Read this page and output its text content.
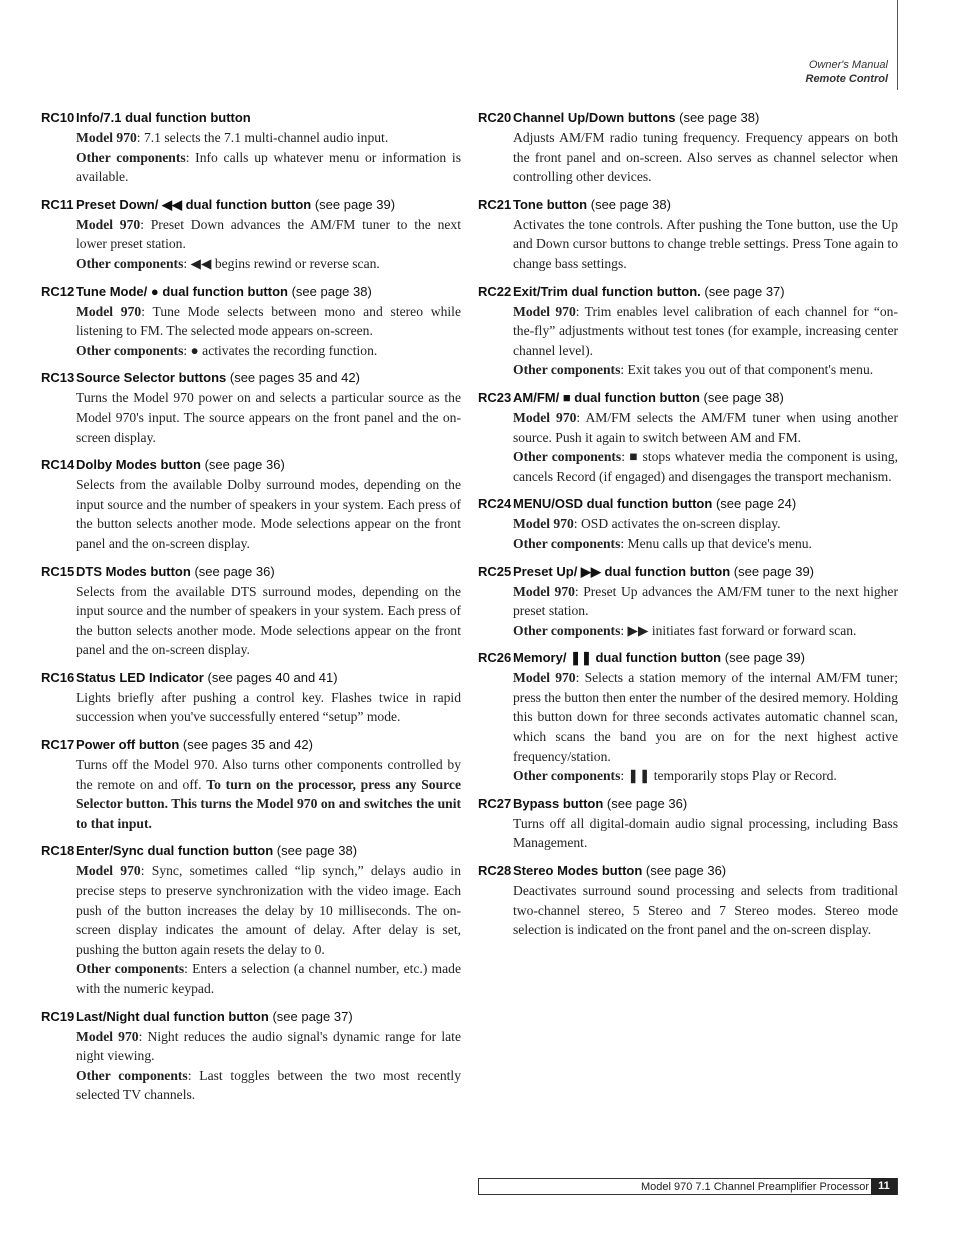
Owner's Manual
Remote Control
RC10 Info/7.1 dual function button
Model 970: 7.1 selects the 7.1 multi-channel audio input.
Other components: Info calls up whatever menu or information is available.
RC11 Preset Down/ ◀◀ dual function button (see page 39)
Model 970: Preset Down advances the AM/FM tuner to the next lower preset station.
Other components: ◀◀ begins rewind or reverse scan.
RC12 Tune Mode/ ● dual function button (see page 38)
Model 970: Tune Mode selects between mono and stereo while listening to FM. The selected mode appears on-screen.
Other components: ● activates the recording function.
RC13 Source Selector buttons (see pages 35 and 42)
Turns the Model 970 power on and selects a particular source as the Model 970's input. The source appears on the front panel and the on-screen display.
RC14 Dolby Modes button (see page 36)
Selects from the available Dolby surround modes, depending on the input source and the number of speakers in your system. Each press of the button selects another mode. Mode selections appear on the front panel and the on-screen display.
RC15 DTS Modes button (see page 36)
Selects from the available DTS surround modes, depending on the input source and the number of speakers in your system. Each press of the button selects another mode. Mode selections appear on the front panel and the on-screen display.
RC16 Status LED Indicator (see pages 40 and 41)
Lights briefly after pushing a control key. Flashes twice in rapid succession when you've successfully entered “setup” mode.
RC17 Power off button (see pages 35 and 42)
Turns off the Model 970. Also turns other components controlled by the remote on and off. To turn on the processor, press any Source Selector button. This turns the Model 970 on and switches the unit to that input.
RC18 Enter/Sync dual function button (see page 38)
Model 970: Sync, sometimes called “lip synch,” delays audio in precise steps to preserve synchronization with the video image. Each push of the button increases the delay by 10 milliseconds. The on-screen display indicates the amount of delay. After delay is set, pushing the button again resets the delay to 0.
Other components: Enters a selection (a channel number, etc.) made with the numeric keypad.
RC19 Last/Night dual function button (see page 37)
Model 970: Night reduces the audio signal's dynamic range for late night viewing.
Other components: Last toggles between the two most recently selected TV channels.
RC20 Channel Up/Down buttons (see page 38)
Adjusts AM/FM radio tuning frequency. Frequency appears on both the front panel and on-screen. Also serves as channel selector when controlling other devices.
RC21 Tone button (see page 38)
Activates the tone controls. After pushing the Tone button, use the Up and Down cursor buttons to change treble settings. Press Tone again to change bass settings.
RC22 Exit/Trim dual function button. (see page 37)
Model 970: Trim enables level calibration of each channel for “on-the-fly” adjustments without test tones (for example, increasing center channel level).
Other components: Exit takes you out of that component's menu.
RC23 AM/FM/ ■ dual function button (see page 38)
Model 970: AM/FM selects the AM/FM tuner when using another source. Push it again to switch between AM and FM.
Other components: ■ stops whatever media the component is using, cancels Record (if engaged) and disengages the transport mechanism.
RC24 MENU/OSD dual function button (see page 24)
Model 970: OSD activates the on-screen display.
Other components: Menu calls up that device's menu.
RC25 Preset Up/ ▶▶ dual function button (see page 39)
Model 970: Preset Up advances the AM/FM tuner to the next higher preset station.
Other components: ▶▶ initiates fast forward or forward scan.
RC26 Memory/ ❚❚ dual function button (see page 39)
Model 970: Selects a station memory of the internal AM/FM tuner; press the button then enter the number of the desired memory. Holding this button down for three seconds activates automatic channel scan, which scans the band you are on for the next highest active frequency/station.
Other components: ❚❚ temporarily stops Play or Record.
RC27 Bypass button (see page 36)
Turns off all digital-domain audio signal processing, including Bass Management.
RC28 Stereo Modes button (see page 36)
Deactivates surround sound processing and selects from traditional two-channel stereo, 5 Stereo and 7 Stereo modes. Stereo mode selection is indicated on the front panel and the on-screen display.
Model 970 7.1 Channel Preamplifier Processor 11
